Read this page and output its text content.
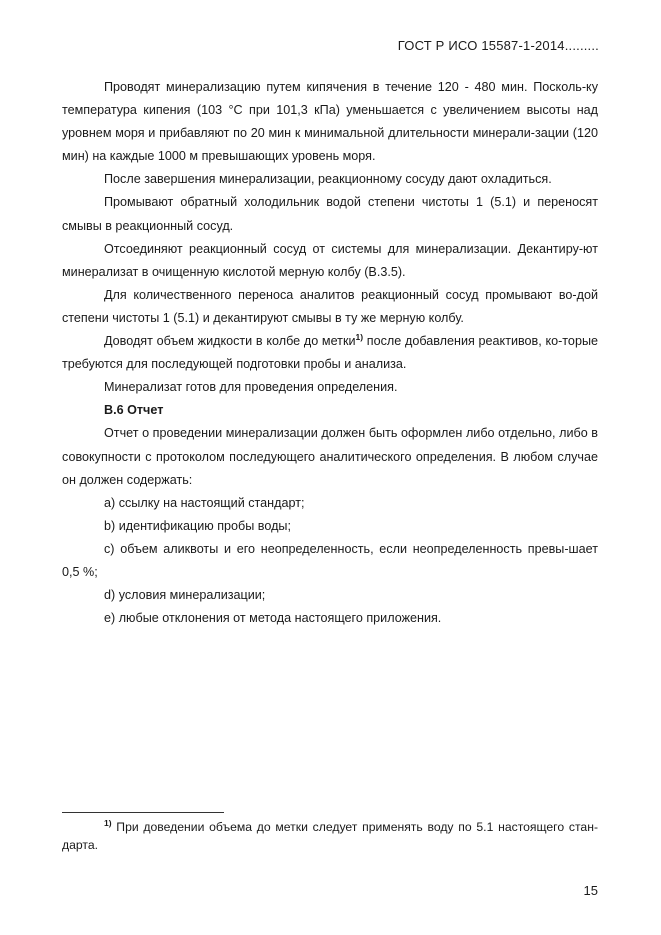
ГОСТ Р ИСО 15587-1-2014.........

Проводят минерализацию путем кипячения в течение 120 - 480 мин. Посколь-ку температура кипения (103 °С при 101,3 кПа) уменьшается с увеличением высоты над уровнем моря и прибавляют по 20 мин к минимальной длительности минерали-зации (120 мин) на каждые 1000 м превышающих уровень моря.

После завершения минерализации, реакционному сосуду дают охладиться.

Промывают обратный холодильник водой степени чистоты 1 (5.1) и переносят смывы в реакционный сосуд.

Отсоединяют реакционный сосуд от системы для минерализации. Декантиру-ют минерализат в очищенную кислотой мерную колбу (В.3.5).

Для количественного переноса аналитов реакционный сосуд промывают во-дой степени чистоты 1 (5.1) и декантируют смывы в ту же мерную колбу.

Доводят объем жидкости в колбе до метки$^{1)}$ после добавления реактивов, ко-торые требуются для последующей подготовки пробы и анализа.

Минерализат готов для проведения определения.

В.6 Отчет

Отчет о проведении минерализации должен быть оформлен либо отдельно, либо в совокупности с протоколом последующего аналитического определения. В любом случае он должен содержать:

а) ссылку на настоящий стандарт;

b) идентификацию пробы воды;

с) объем аликвоты и его неопределенность, если неопределенность превы-шает 0,5 %;

d) условия минерализации;

е) любые отклонения от метода настоящего приложения.

$^{1)}$ При доведении объема до метки следует применять воду по 5.1 настоящего стан-дарта.

15
